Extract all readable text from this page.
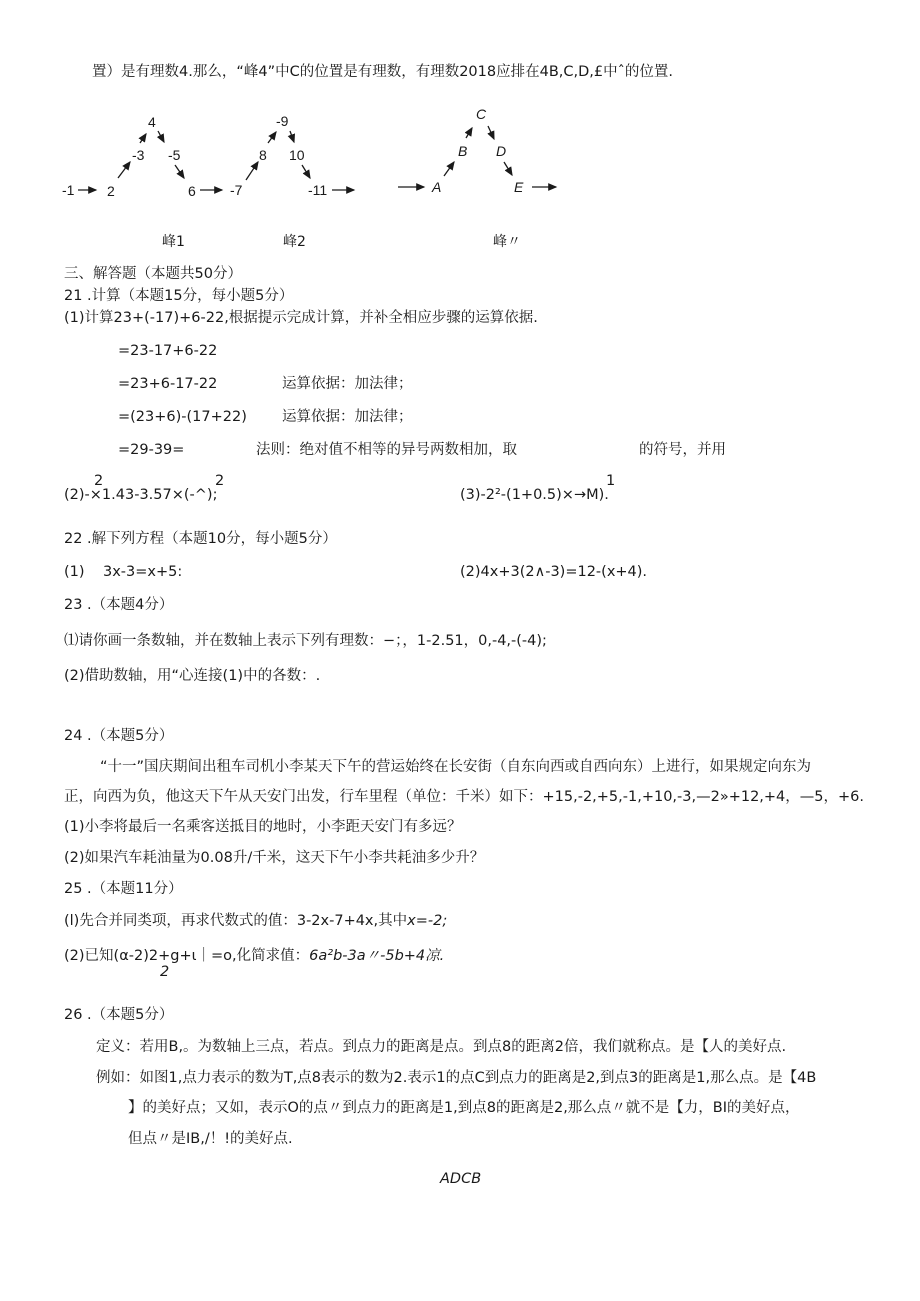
置）是有理数4.那么，“峰4”中C的位置是有理数，有理数2018应排在4B,C,D,£中ˆ的位置.
-1 2
-3
4
-5
6 -7
8
-9
10
-11	A
B
C
D
E
峰1	峰2	峰〃
三、解答题（本题共50分）
21 .计算（本题15分，每小题5分）
(1)计算23+(-17)+6-22,根据提示完成计算，并补全相应步骤的运算依据.
=23-17+6-22
=23+6-17-22	运算依据：加法律；
=(23+6)-(17+22) 运算依据：加法律；
=29-39=	法则：绝对值不相等的异号两数相加，取	的符号，并用
2	2	1
(2)-×1.43-3.57×(-^);	(3)-2²-(1+0.5)×→M).
22 .解下列方程（本题10分，每小题5分）
(1)    3x-3=x+5:	(2)4x+3(2∧-3)=12-(x+4).
23 .（本题4分）
⑴请你画一条数轴，并在数轴上表示下列有理数：−；，1-2.51，0,-4,-(-4);
(2)借助数轴，用“心连接(1)中的各数：.
24 .（本题5分）
“十一”国庆期间出租车司机小李某天下午的营运始终在长安街（自东向西或自西向东）上进行，如果规定向东为
正，向西为负，他这天下午从天安门出发，行车里程（单位：千米）如下：+15,-2,+5,-1,+10,-3,—2»+12,+4，—5，+6.
(1)小李将最后一名乘客送抵目的地时，小李距天安门有多远？
(2)如果汽车耗油量为0.08升/千米，这天下午小李共耗油多少升？
25 .（本题11分）
(l)先合并同类项，再求代数式的值：3-2x-7+4x,其中x=-2;
(2)已知(α-2)2+g+ι｜=o,化简求值：6a²b-3a〃-5b+4凉.
2
26 .（本题5分）
定义：若用B,。为数轴上三点，若点。到点力的距离是点。到点8的距离2倍，我们就称点。是【人的美好点.
例如：如图1,点力表示的数为T,点8表示的数为2.表示1的点C到点力的距离是2,到点3的距离是1,那么点。是【4B
】的美好点；又如，表示O的点〃到点力的距离是1,到点8的距离是2,那么点〃就不是【力，BI的美好点，
但点〃是IB,/！!的美好点.
ADCB
